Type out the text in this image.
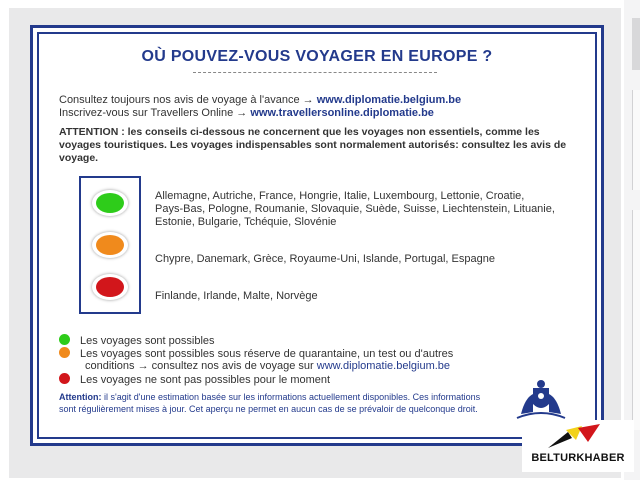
OÙ POUVEZ-VOUS VOYAGER EN EUROPE ?
Consultez toujours nos avis de voyage à l'avance → www.diplomatie.belgium.be
Inscrivez-vous sur Travellers Online → www.travellersonline.diplomatie.be
ATTENTION : les conseils ci-dessous ne concernent que les voyages non essentiels, comme les voyages touristiques. Les voyages indispensables sont normalement autorisés: consultez les avis de voyage.
Allemagne, Autriche, France, Hongrie, Italie, Luxembourg, Lettonie, Croatie, Pays-Bas, Pologne, Roumanie, Slovaquie, Suède, Suisse, Liechtenstein, Lituanie, Estonie, Bulgarie, Tchéquie, Slovénie
Chypre, Danemark, Grèce, Royaume-Uni, Islande, Portugal, Espagne
Finlande, Irlande, Malte, Norvège
Les voyages sont possibles
Les voyages sont possibles sous réserve de quarantaine, un test ou d'autres
conditions → consultez nos avis de voyage sur www.diplomatie.belgium.be
Les voyages ne sont pas possibles pour le moment
Attention: il s'agit d'une estimation basée sur les informations actuellement disponibles. Ces informations sont régulièrement mises à jour. Cet aperçu ne permet en aucun cas de se prévaloir de quelconque droit.
BELTURKHABER
